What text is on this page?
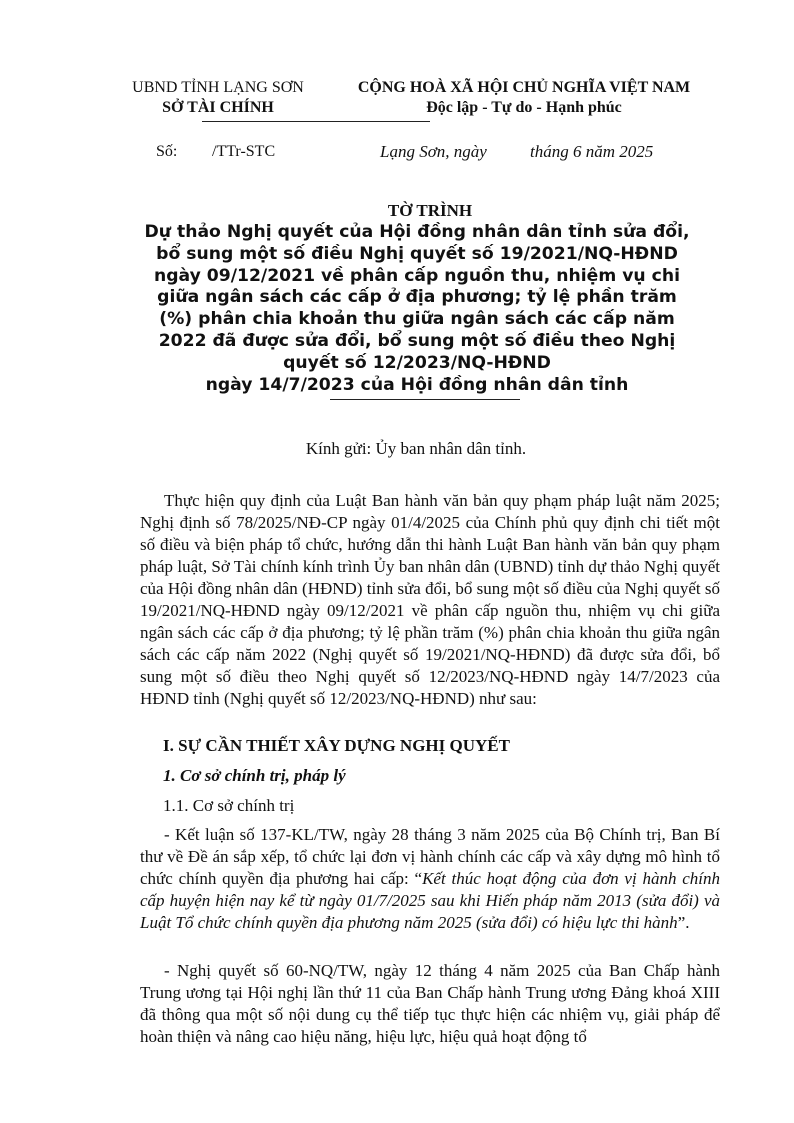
UBND TỈNH LẠNG SƠN
SỞ TÀI CHÍNH
CỘNG HOÀ XÃ HỘI CHỦ NGHĨA VIỆT NAM
Độc lập - Tự do - Hạnh phúc
Số: /TTr-STC	Lạng Sơn, ngày	tháng 6 năm 2025
TỜ TRÌNH
Dự thảo Nghị quyết của Hội đồng nhân dân tỉnh sửa đổi,
bổ sung một số điều Nghị quyết số 19/2021/NQ-HĐND
ngày 09/12/2021 về phân cấp nguồn thu, nhiệm vụ chi
giữa ngân sách các cấp ở địa phương; tỷ lệ phần trăm
(%) phân chia khoản thu giữa ngân sách các cấp năm
2022 đã được sửa đổi, bổ sung một số điều theo Nghị
quyết số 12/2023/NQ-HĐND
ngày 14/7/2023 của Hội đồng nhân dân tỉnh
Kính gửi: Ủy ban nhân dân tỉnh.
Thực hiện quy định của Luật Ban hành văn bản quy phạm pháp luật năm 2025; Nghị định số 78/2025/NĐ-CP ngày 01/4/2025 của Chính phủ quy định chi tiết một số điều và biện pháp tổ chức, hướng dẫn thi hành Luật Ban hành văn bản quy phạm pháp luật, Sở Tài chính kính trình Ủy ban nhân dân (UBND) tỉnh dự thảo Nghị quyết của Hội đồng nhân dân (HĐND) tỉnh sửa đổi, bổ sung một số điều của Nghị quyết số 19/2021/NQ-HĐND ngày 09/12/2021 về phân cấp nguồn thu, nhiệm vụ chi giữa ngân sách các cấp ở địa phương; tỷ lệ phần trăm (%) phân chia khoản thu giữa ngân sách các cấp năm 2022 (Nghị quyết số 19/2021/NQ-HĐND) đã được sửa đổi, bổ sung một số điều theo Nghị quyết số 12/2023/NQ-HĐND ngày 14/7/2023 của HĐND tỉnh (Nghị quyết số 12/2023/NQ-HĐND) như sau:
I. SỰ CẦN THIẾT XÂY DỰNG NGHỊ QUYẾT
1. Cơ sở chính trị, pháp lý
1.1. Cơ sở chính trị
- Kết luận số 137-KL/TW, ngày 28 tháng 3 năm 2025 của Bộ Chính trị, Ban Bí thư về Đề án sắp xếp, tổ chức lại đơn vị hành chính các cấp và xây dựng mô hình tổ chức chính quyền địa phương hai cấp: “Kết thúc hoạt động của đơn vị hành chính cấp huyện hiện nay kể từ ngày 01/7/2025 sau khi Hiến pháp năm 2013 (sửa đổi) và Luật Tổ chức chính quyền địa phương năm 2025 (sửa đổi) có hiệu lực thi hành”.
- Nghị quyết số 60-NQ/TW, ngày 12 tháng 4 năm 2025 của Ban Chấp hành Trung ương tại Hội nghị lần thứ 11 của Ban Chấp hành Trung ương Đảng khoá XIII đã thông qua một số nội dung cụ thể tiếp tục thực hiện các nhiệm vụ, giải pháp để hoàn thiện và nâng cao hiệu năng, hiệu lực, hiệu quả hoạt động tổ
